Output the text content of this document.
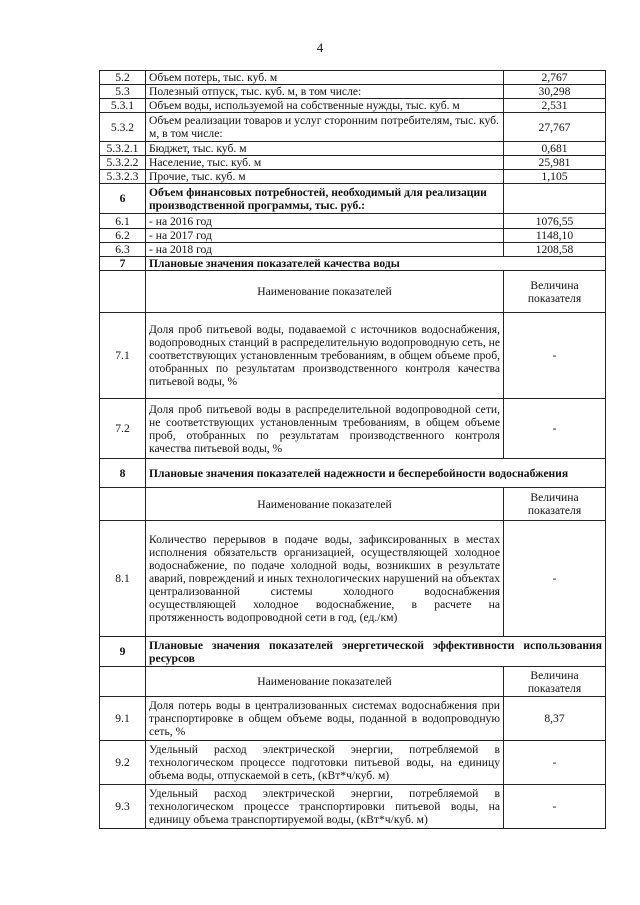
4
5.2	Объем потерь, тыс. куб. м	2,767
5.3	Полезный отпуск, тыс. куб. м, в том числе:	30,298
5.3.1	Объем воды, используемой на собственные нужды, тыс. куб. м	2,531
5.3.2	Объем реализации товаров и услуг сторонним потребителям, тыс. куб. м, в том числе:	27,767
5.3.2.1	Бюджет, тыс. куб. м	0,681
5.3.2.2	Население, тыс. куб. м	25,981
5.3.2.3	Прочие, тыс. куб. м	1,105
6	Объем финансовых потребностей, необходимый для реализации производственной программы, тыс. руб.:	
6.1	- на 2016 год	1076,55
6.2	- на 2017 год	1148,10
6.3	- на 2018 год	1208,58
7	Плановые значения показателей качества воды	
	Наименование показателей	Величина показателя
7.1	Доля проб питьевой воды, подаваемой с источников водоснабжения, водопроводных станций в распределительную водопроводную сеть, не соответствующих установленным требованиям, в общем объеме проб, отобранных по результатам производственного контроля качества питьевой воды, %	-
7.2	Доля проб питьевой воды в распределительной водопроводной сети, не соответствующих установленным требованиям, в общем объеме проб, отобранных по результатам производственного контроля качества питьевой воды, %	-
8	Плановые значения показателей надежности и бесперебойности водоснабжения	
	Наименование показателей	Величина показателя
8.1	Количество перерывов в подаче воды, зафиксированных в местах исполнения обязательств организацией, осуществляющей холодное водоснабжение, по подаче холодной воды, возникших в результате аварий, повреждений и иных технологических нарушений на объектах централизованной системы холодного водоснабжения осуществляющей холодное водоснабжение, в расчете на протяженность водопроводной сети в год, (ед./км)	-
9	Плановые значения показателей энергетической эффективности использования ресурсов	
	Наименование показателей	Величина показателя
9.1	Доля потерь воды в централизованных системах водоснабжения при транспортировке в общем объеме воды, поданной в водопроводную сеть, %	8,37
9.2	Удельный расход электрической энергии, потребляемой в технологическом процессе подготовки питьевой воды, на единицу объема воды, отпускаемой в сеть, (кВт*ч/куб. м)	-
9.3	Удельный расход электрической энергии, потребляемой в технологическом процессе транспортировки питьевой воды, на единицу объема транспортируемой воды, (кВт*ч/куб. м)	-
